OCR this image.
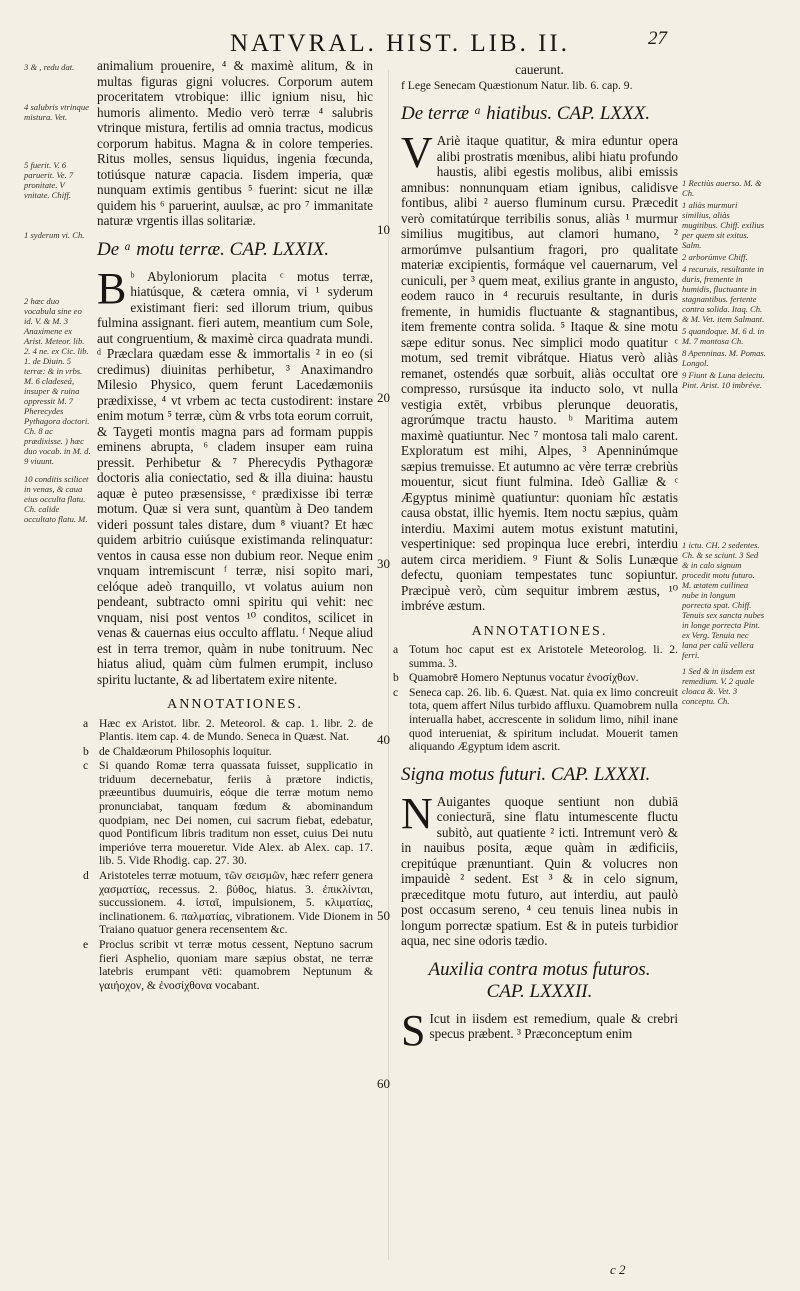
NATVRAL. HIST. LIB. II.	27
3 & , redu dat.
4 salubris vtrinque mistura. Vet.
5 fuerit. V. 6 paruerit. Ve. 7 pronitate. V vnitate. Chiff.
1 syderum vi. Ch.
2 hæc duo vocabula sine eo id. V. & M. 3 Anaximene ex Arist. Meteor. lib. 2. 4 ne. ex Cic. lib. 1. de Diuin. 5 terræ: & in vrbs. M. 6 cladeseá, insuper & ruina oppressit M. 7 Pherecydes Pythagora doctori. Ch. 8 ac prædixisse. ) hæc duo vocab. in M. d. 9 viuunt.
10 conditis scilicet in venas, & caua eius occulta flatu. Ch. calide occultato flatu. M.
10
20
30
40
50
60

animalium prouenire, ⁴ & maximè alitum, & in multas figuras gigni volucres. Corporum autem proceritatem vtrobique: illic ignium nisu, hic humoris alimento. Medio verò terræ ⁴ salubris vtrinque mistura, fertilis ad omnia tractus, modicus corporum habitus. Magna & in colore temperies. Ritus molles, sensus liquidus, ingenia fœcunda, totiúsque naturæ capacia. Iisdem imperia, quæ nunquam extimis gentibus ⁵ fuerint: sicut ne illæ quidem his ⁶ paruerint, auulsæ, ac pro ⁷ immanitate naturæ vrgentis illas solitariæ.

De ᵃ motu terræ. CAP. LXXIX.

B ᵇ Abyloniorum placita ᶜ motus terræ, hiatúsque, & cætera omnia, vi ¹ syderum existimant fieri: sed illorum trium, quibus fulmina assignant. fieri autem, meantium cum Sole, aut congruentium, & maximè circa quadrata mundi. ᵈ Præclara quædam esse & immortalis ² in eo (si credimus) diuinitas perhibetur, ³ Anaximandro Milesio Physico, quem ferunt Lacedæmoniis prædixisse, ⁴ vt vrbem ac tecta custodirent: instare enim motum ⁵ terræ, cùm & vrbs tota eorum corruit, & Taygeti montis magna pars ad formam puppis eminens abrupta, ⁶ cladem insuper eam ruina pressit. Perhibetur & ⁷ Pherecydis Pythagoræ doctoris alia coniectatio, sed & illa diuina: haustu aquæ è puteo præsensisse, ᵉ prædixisse ibi terræ motum. Quæ si vera sunt, quantùm à Deo tandem videri possunt tales distare, dum ⁸ viuant? Et hæc quidem arbitrio cuiúsque existimanda relinquatur: ventos in causa esse non dubium reor. Neque enim vnquam intremiscunt ᶠ terræ, nisi sopito mari, celóque adeò tranquillo, vt volatus auium non pendeant, subtracto omni spiritu qui vehit: nec vnquam, nisi post ventos ¹⁰ conditos, scilicet in venas & cauernas eius occulto afflatu. ᶠ Neque aliud est in terra tremor, quàm in nube tonitruum. Nec hiatus aliud, quàm cùm fulmen erumpit, incluso spiritu luctante, & ad libertatem exire nitente.

ANNOTATIONES.
a Hæc ex Aristot. libr. 2. Meteorol. & cap. 1. libr. 2. de Plantis. item cap. 4. de Mundo. Seneca in Quæst. Nat.
b de Chaldæorum Philosophis loquitur.
c Si quando Romæ terra quassata fuisset, supplicatio in triduum decernebatur, feriis à prætore indictis, præeuntibus duumuiris, eóque die terræ motum nemo pronunciabat, tanquam fœdum & abominandum quodpiam, nec Dei nomen, cui sacrum fiebat, edebatur, quod Pontificum libris traditum non esset, cuius Dei nutu imperióve terra moueretur. Vide Alex. ab Alex. cap. 17. lib. 5. Vide Rhodig. cap. 27. 30.
d Aristoteles terræ motuum, τῶν σεισμῶν, hæc referr genera χασματίας, recessus. 2. βύθος, hiatus. 3. ἐπικλίνται, succussionem. 4. ἰσταῖ, impulsionem, 5. κλιματίας, inclinationem. 6. παλματίας, vibrationem. Vide Dionem in Traiano quatuor genera recensentem &c.
e Proclus scribit vt terræ motus cessent, Neptuno sacrum fieri Asphelio, quoniam mare sæpius obstat, ne terræ latebris erumpant vēti: quamobrem Neptunum & γαιήοχον, & ἐνοσίχθονα vocabant.
cauerunt.
f Lege Senecam Quæstionum Natur. lib. 6. cap. 9.
De terræ ᵃ hiatibus. CAP. LXXX.

V Ariè itaque quatitur, & mira eduntur opera alibi prostratis mœnibus, alibi hiatu profundo haustis, alibi egestis molibus, alibi emissis amnibus: nonnunquam etiam ignibus, calidisve fontibus, alibi ² auerso fluminum cursu. Præcedit verò comitatúrque terribilis sonus, aliàs ¹ murmur similius mugitibus, aut clamori humano, ² armorúmve pulsantium fragori, pro qualitate materiæ excipientis, formáque vel cauernarum, vel cuniculi, per ³ quem meat, exilius grante in angusto, eodem rauco in ⁴ recuruis resultante, in duris fremente, in humidis fluctuante & stagnantibus, item fremente contra solida. ⁵ Itaque & sine motu sæpe editur sonus. Nec simplici modo quatitur ᶜ motum, sed tremit vibrátque. Hiatus verò aliàs remanet, ostendés quæ sorbuit, aliàs occultat ore compresso, rursúsque ita inducto solo, vt nulla vestigia extēt, vrbibus plerunque deuoratis, agrorúmque tractu hausto. ᵇ Maritima autem maximè quatiuntur. Nec ⁷ montosa tali malo carent. Exploratum est mihi, Alpes, ³ Apenninúmque sæpius tremuisse. Et autumno ac vère terræ crebriùs mouentur, sicut fiunt fulmina. Ideò Galliæ & ᶜ Ægyptus minimè quatiuntur: quoniam hîc æstatis causa obstat, illic hyemis. Item noctu sæpius, quàm interdiu. Maximi autem motus existunt matutini, vespertinique: sed propinqua luce erebri, interdiu autem circa meridiem. ⁹ Fiunt & Solis Lunæque defectu, quoniam tempestates tunc sopiuntur. Præcipuè verò, cùm sequitur imbrem æstus, ¹⁰ imbréve æstum.

ANNOTATIONES.
a Totum hoc caput est ex Aristotele Meteorolog. li. 2. summa. 3.
b Quamobrē Homero Neptunus vocatur ἐνοσίχθων.
c Seneca cap. 26. lib. 6. Quæst. Nat. quia ex limo concreuit tota, quem affert Nilus turbido affluxu. Quamobrem nulla interualla habet, accrescente in solidum limo, nihil inane quod interueniat, & spiritum includat. Mouerit tamen aliquando Ægyptum idem ascrit.
Signa motus futuri. CAP. LXXXI.

N Auigantes quoque sentiunt non dubiā coniecturā, sine flatu intumescente fluctu subitò, aut quatiente ² icti. Intremunt verò & in nauibus posita, æque quàm in ædificiis, crepitúque prænuntiant. Quin & volucres non impauidè ² sedent. Est ³ & in celo signum, præceditque motu futuro, aut interdiu, aut paulò post occasum sereno, ⁴ ceu tenuis linea nubis in longum porrectæ spatium. Est & in puteis turbidior aqua, nec sine odoris tædio.

Auxilia contra motus futuros.
CAP. LXXXII.

S Icut in iisdem est remedium, quale & crebri specus præbent. ³ Præconceptum enim

1 Rectiùs auerso. M. & Ch.
1 aliàs murmuri similius, aliàs mugitibus. Chiff. exilius per quem sit exitus. Salm.
2 arborúmve Chiff.
4 recuruis, resultante in duris, fremente in humidis, fluctuante in stagnantibus. fertente contra solida. Itaq. Ch. & M. Vet. item Salmant.
5 quandoque. M. 6 d. in M. 7 montosa Ch.
8 Apenninas. M. Pomas. Longol.
9 Fiunt & Luna deiectu. Pint. Arist. 10 imbréve.
1 ictu. CH. 2 sedentes. Ch. & se sciunt. 3 Sed & in calo signum procedit motu futuro. M. ætatem cuilinea nube in longum porrecta spat. Chiff. Tenuis sex sancta nubes in longe porrecta Pint. ex Verg. Tenuia nec lana per calū vellera ferri.
1 Sed & in iisdem est remedium. V. 2 quale cloaca &. Vet. 3 conceptu. Ch.
c 2
